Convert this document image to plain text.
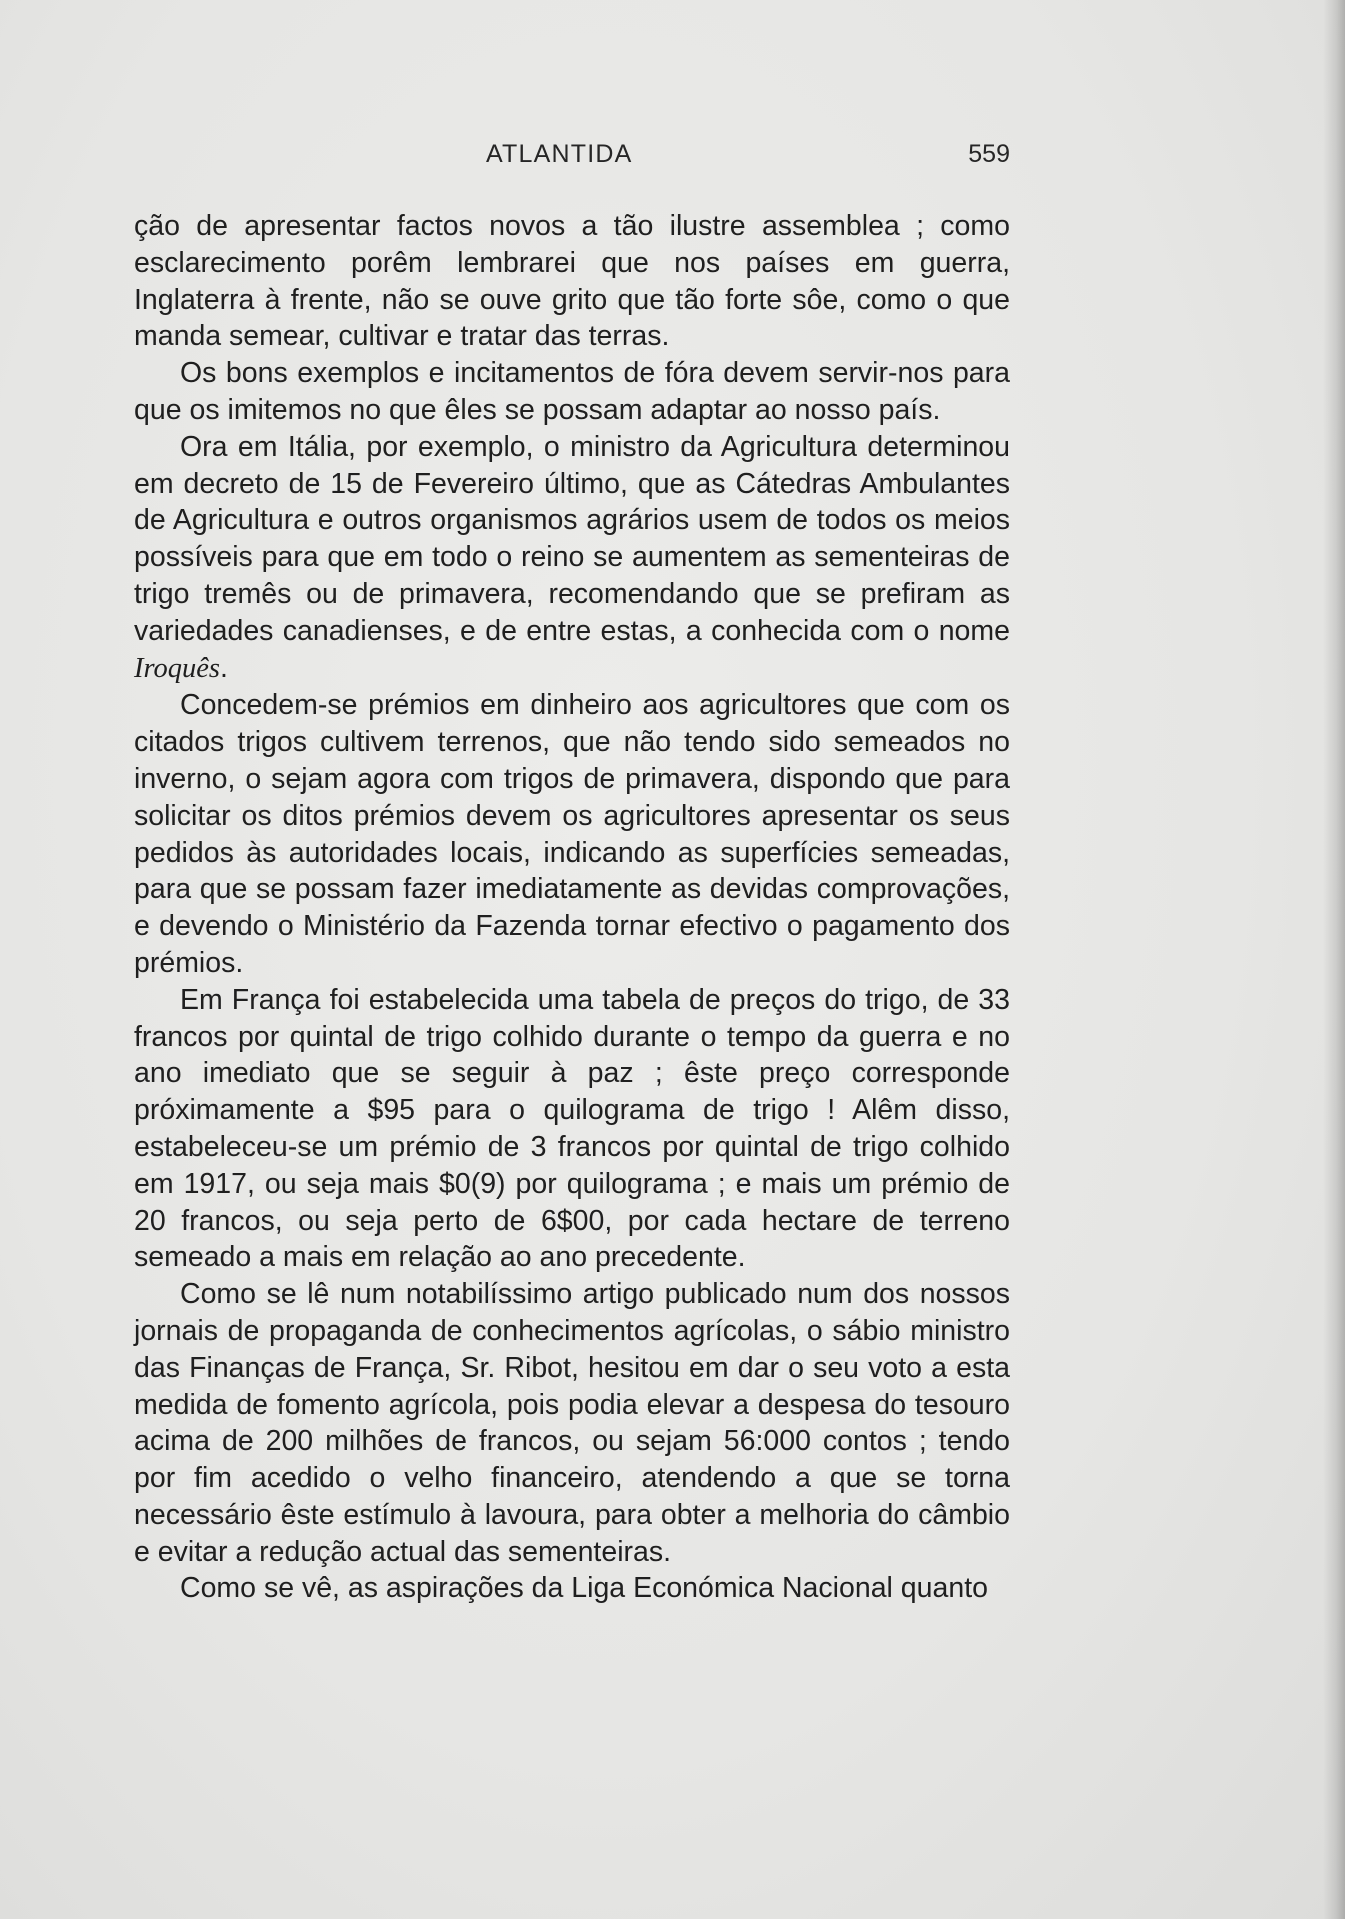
ATLANTIDA	559

ção de apresentar factos novos a tão ilustre assemblea ; como esclarecimento porêm lembrarei que nos países em guerra, Inglaterra à frente, não se ouve grito que tão forte sôe, como o que manda semear, cultivar e tratar das terras.

Os bons exemplos e incitamentos de fóra devem servir-nos para que os imitemos no que êles se possam adaptar ao nosso país.

Ora em Itália, por exemplo, o ministro da Agricultura determinou em decreto de 15 de Fevereiro último, que as Cátedras Ambulantes de Agricultura e outros organismos agrários usem de todos os meios possíveis para que em todo o reino se aumentem as sementeiras de trigo tremês ou de primavera, recomendando que se prefiram as variedades canadienses, e de entre estas, a conhecida com o nome Iroquês.

Concedem-se prémios em dinheiro aos agricultores que com os citados trigos cultivem terrenos, que não tendo sido semeados no inverno, o sejam agora com trigos de primavera, dispondo que para solicitar os ditos prémios devem os agricultores apresentar os seus pedidos às autoridades locais, indicando as superfícies semeadas, para que se possam fazer imediatamente as devidas comprovações, e devendo o Ministério da Fazenda tornar efectivo o pagamento dos prémios.

Em França foi estabelecida uma tabela de preços do trigo, de 33 francos por quintal de trigo colhido durante o tempo da guerra e no ano imediato que se seguir à paz ; êste preço corresponde próximamente a $95 para o quilograma de trigo ! Alêm disso, estabeleceu-se um prémio de 3 francos por quintal de trigo colhido em 1917, ou seja mais $0(9) por quilograma ; e mais um prémio de 20 francos, ou seja perto de 6$00, por cada hectare de terreno semeado a mais em relação ao ano precedente.

Como se lê num notabilíssimo artigo publicado num dos nossos jornais de propaganda de conhecimentos agrícolas, o sábio ministro das Finanças de França, Sr. Ribot, hesitou em dar o seu voto a esta medida de fomento agrícola, pois podia elevar a despesa do tesouro acima de 200 milhões de francos, ou sejam 56:000 contos ; tendo por fim acedido o velho financeiro, atendendo a que se torna necessário êste estímulo à lavoura, para obter a melhoria do câmbio e evitar a redução actual das sementeiras.

Como se vê, as aspirações da Liga Económica Nacional quanto
